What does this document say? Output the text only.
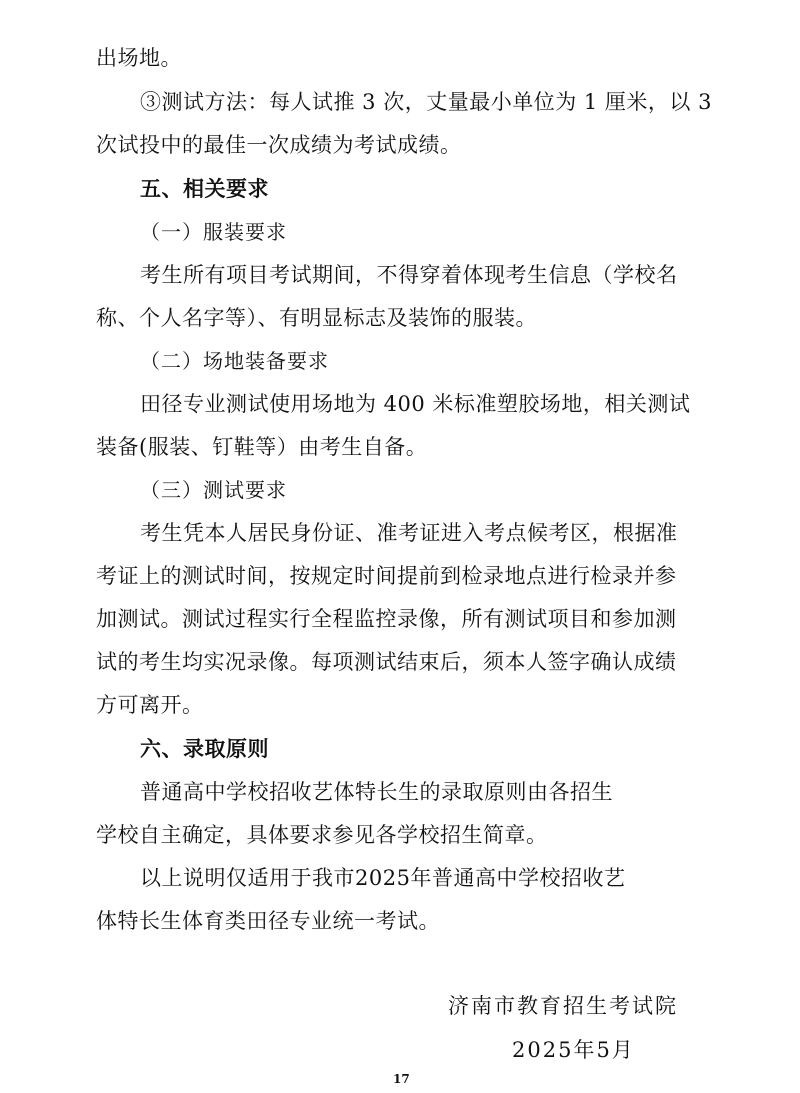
出场地。
③测试方法：每人试推 3 次，丈量最小单位为 1 厘米，以 3
次试投中的最佳一次成绩为考试成绩。
五、相关要求
（一）服装要求
考生所有项目考试期间，不得穿着体现考生信息（学校名
称、个人名字等）、有明显标志及装饰的服装。
（二）场地装备要求
田径专业测试使用场地为 400 米标准塑胶场地，相关测试
装备(服装、钉鞋等）由考生自备。
（三）测试要求
考生凭本人居民身份证、准考证进入考点候考区，根据准
考证上的测试时间，按规定时间提前到检录地点进行检录并参
加测试。测试过程实行全程监控录像，所有测试项目和参加测
试的考生均实况录像。每项测试结束后，须本人签字确认成绩
方可离开。
六、录取原则
普通高中学校招收艺体特长生的录取原则由各招生
学校自主确定，具体要求参见各学校招生简章。
以上说明仅适用于我市2025年普通高中学校招收艺
体特长生体育类田径专业统一考试。
济南市教育招生考试院
2025年5月
17
